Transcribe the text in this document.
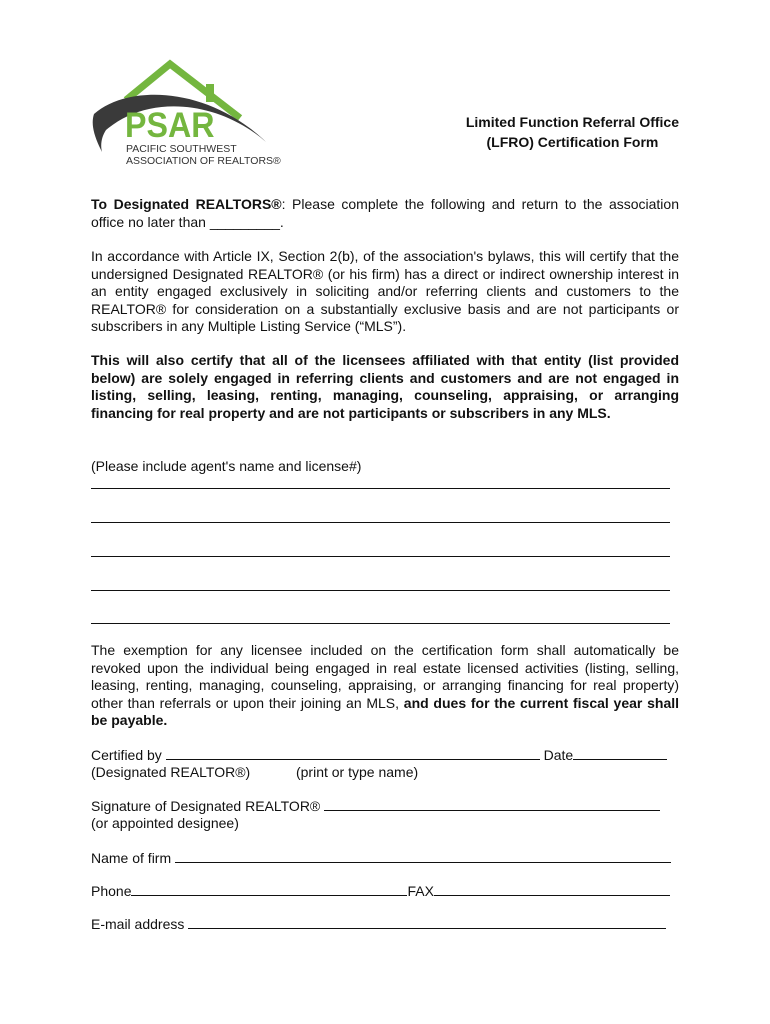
PSAR
PACIFIC SOUTHWEST
ASSOCIATION OF REALTORS®
Limited Function Referral Office
(LFRO) Certification Form
To Designated REALTORS®: Please complete the following and return to the association office no later than _________.
In accordance with Article IX, Section 2(b), of the association's bylaws, this will certify that the undersigned Designated REALTOR® (or his firm) has a direct or indirect ownership interest in an entity engaged exclusively in soliciting and/or referring clients and customers to the REALTOR® for consideration on a substantially exclusive basis and are not participants or subscribers in any Multiple Listing Service (“MLS”).
This will also certify that all of the licensees affiliated with that entity (list provided below) are solely engaged in referring clients and customers and are not engaged in listing, selling, leasing, renting, managing, counseling, appraising, or arranging financing for real property and are not participants or subscribers in any MLS.
(Please include agent's name and license#)
The exemption for any licensee included on the certification form shall automatically be revoked upon the individual being engaged in real estate licensed activities (listing, selling, leasing, renting, managing, counseling, appraising, or arranging financing for real property) other than referrals or upon their joining an MLS, and dues for the current fiscal year shall be payable.
Certified by	Date
(Designated REALTOR®)	(print or type name)
Signature of Designated REALTOR®
(or appointed designee)
Name of firm
Phone	FAX
E-mail address
